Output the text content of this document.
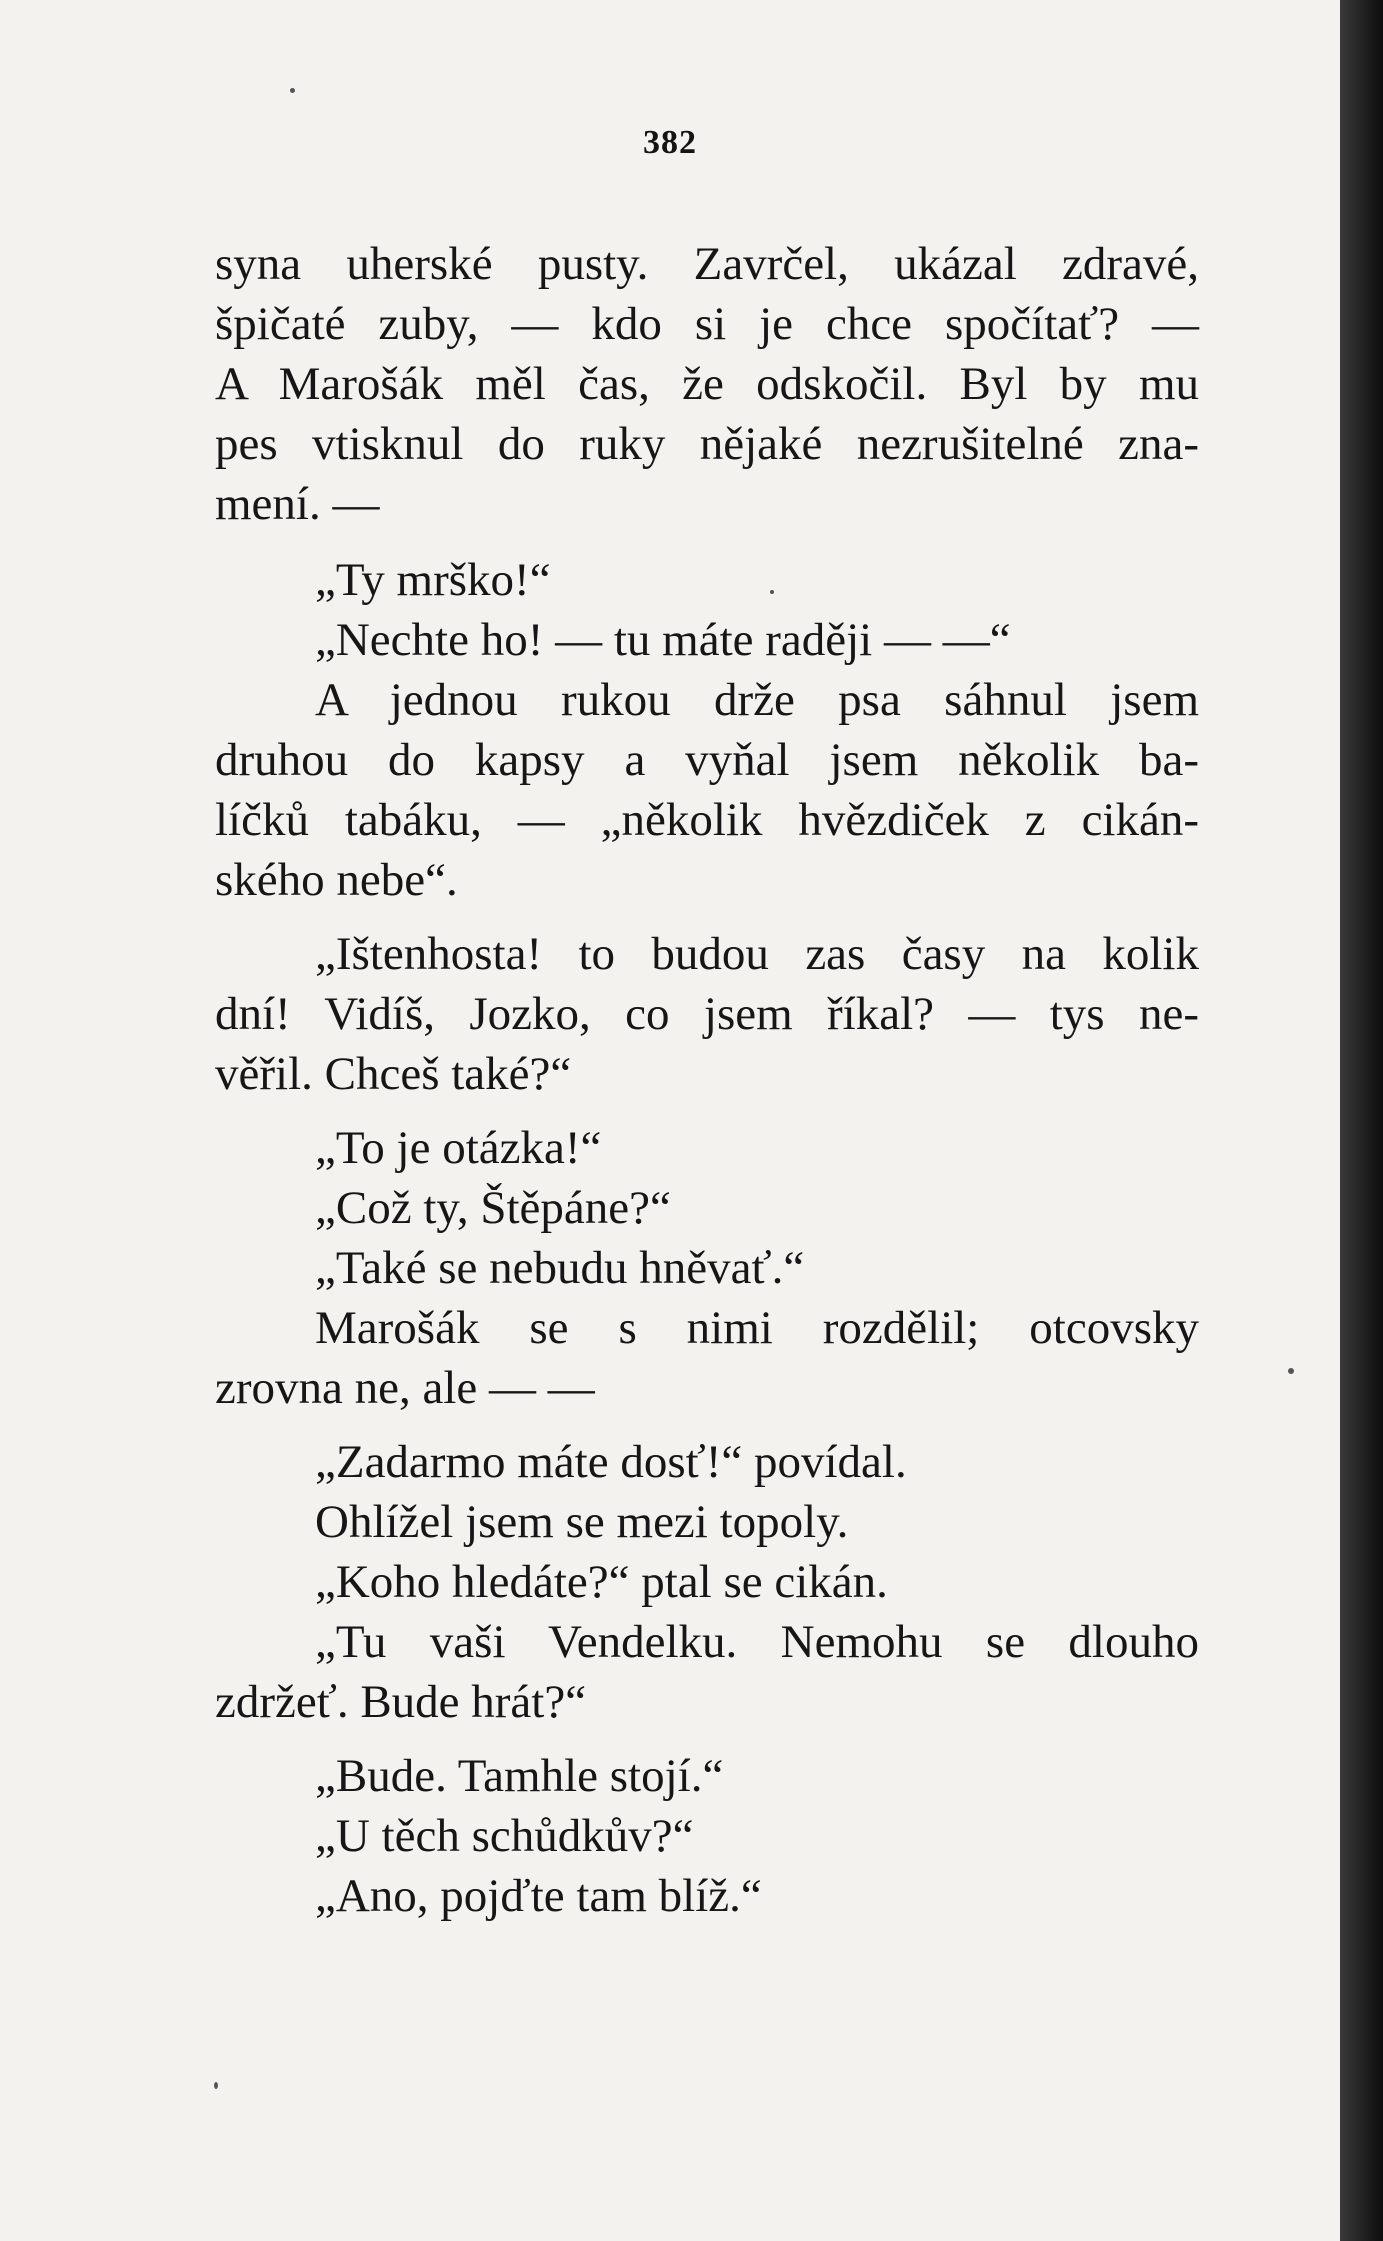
382
syna uherské pusty. Zavrčel, ukázal zdravé,
špičaté zuby, — kdo si je chce spočítať? —
A Marošák měl čas, že odskočil. Byl by mu
pes vtisknul do ruky nějaké nezrušitelné zna-
mení. —
„Ty mrško!“
„Nechte ho! — tu máte raději — —“
A jednou rukou drže psa sáhnul jsem
druhou do kapsy a vyňal jsem několik ba-
líčků tabáku, — „několik hvězdiček z cikán-
ského nebe“.
„Ištenhosta! to budou zas časy na kolik
dní! Vidíš, Jozko, co jsem říkal? — tys ne-
věřil. Chceš také?“
„To je otázka!“
„Což ty, Štěpáne?“
„Také se nebudu hněvať.“
Marošák se s nimi rozdělil; otcovsky
zrovna ne, ale — —
„Zadarmo máte dosť!“ povídal.
Ohlížel jsem se mezi topoly.
„Koho hledáte?“ ptal se cikán.
„Tu vaši Vendelku. Nemohu se dlouho
zdržeť. Bude hrát?“
„Bude. Tamhle stojí.“
„U těch schůdkův?“
„Ano, pojďte tam blíž.“
